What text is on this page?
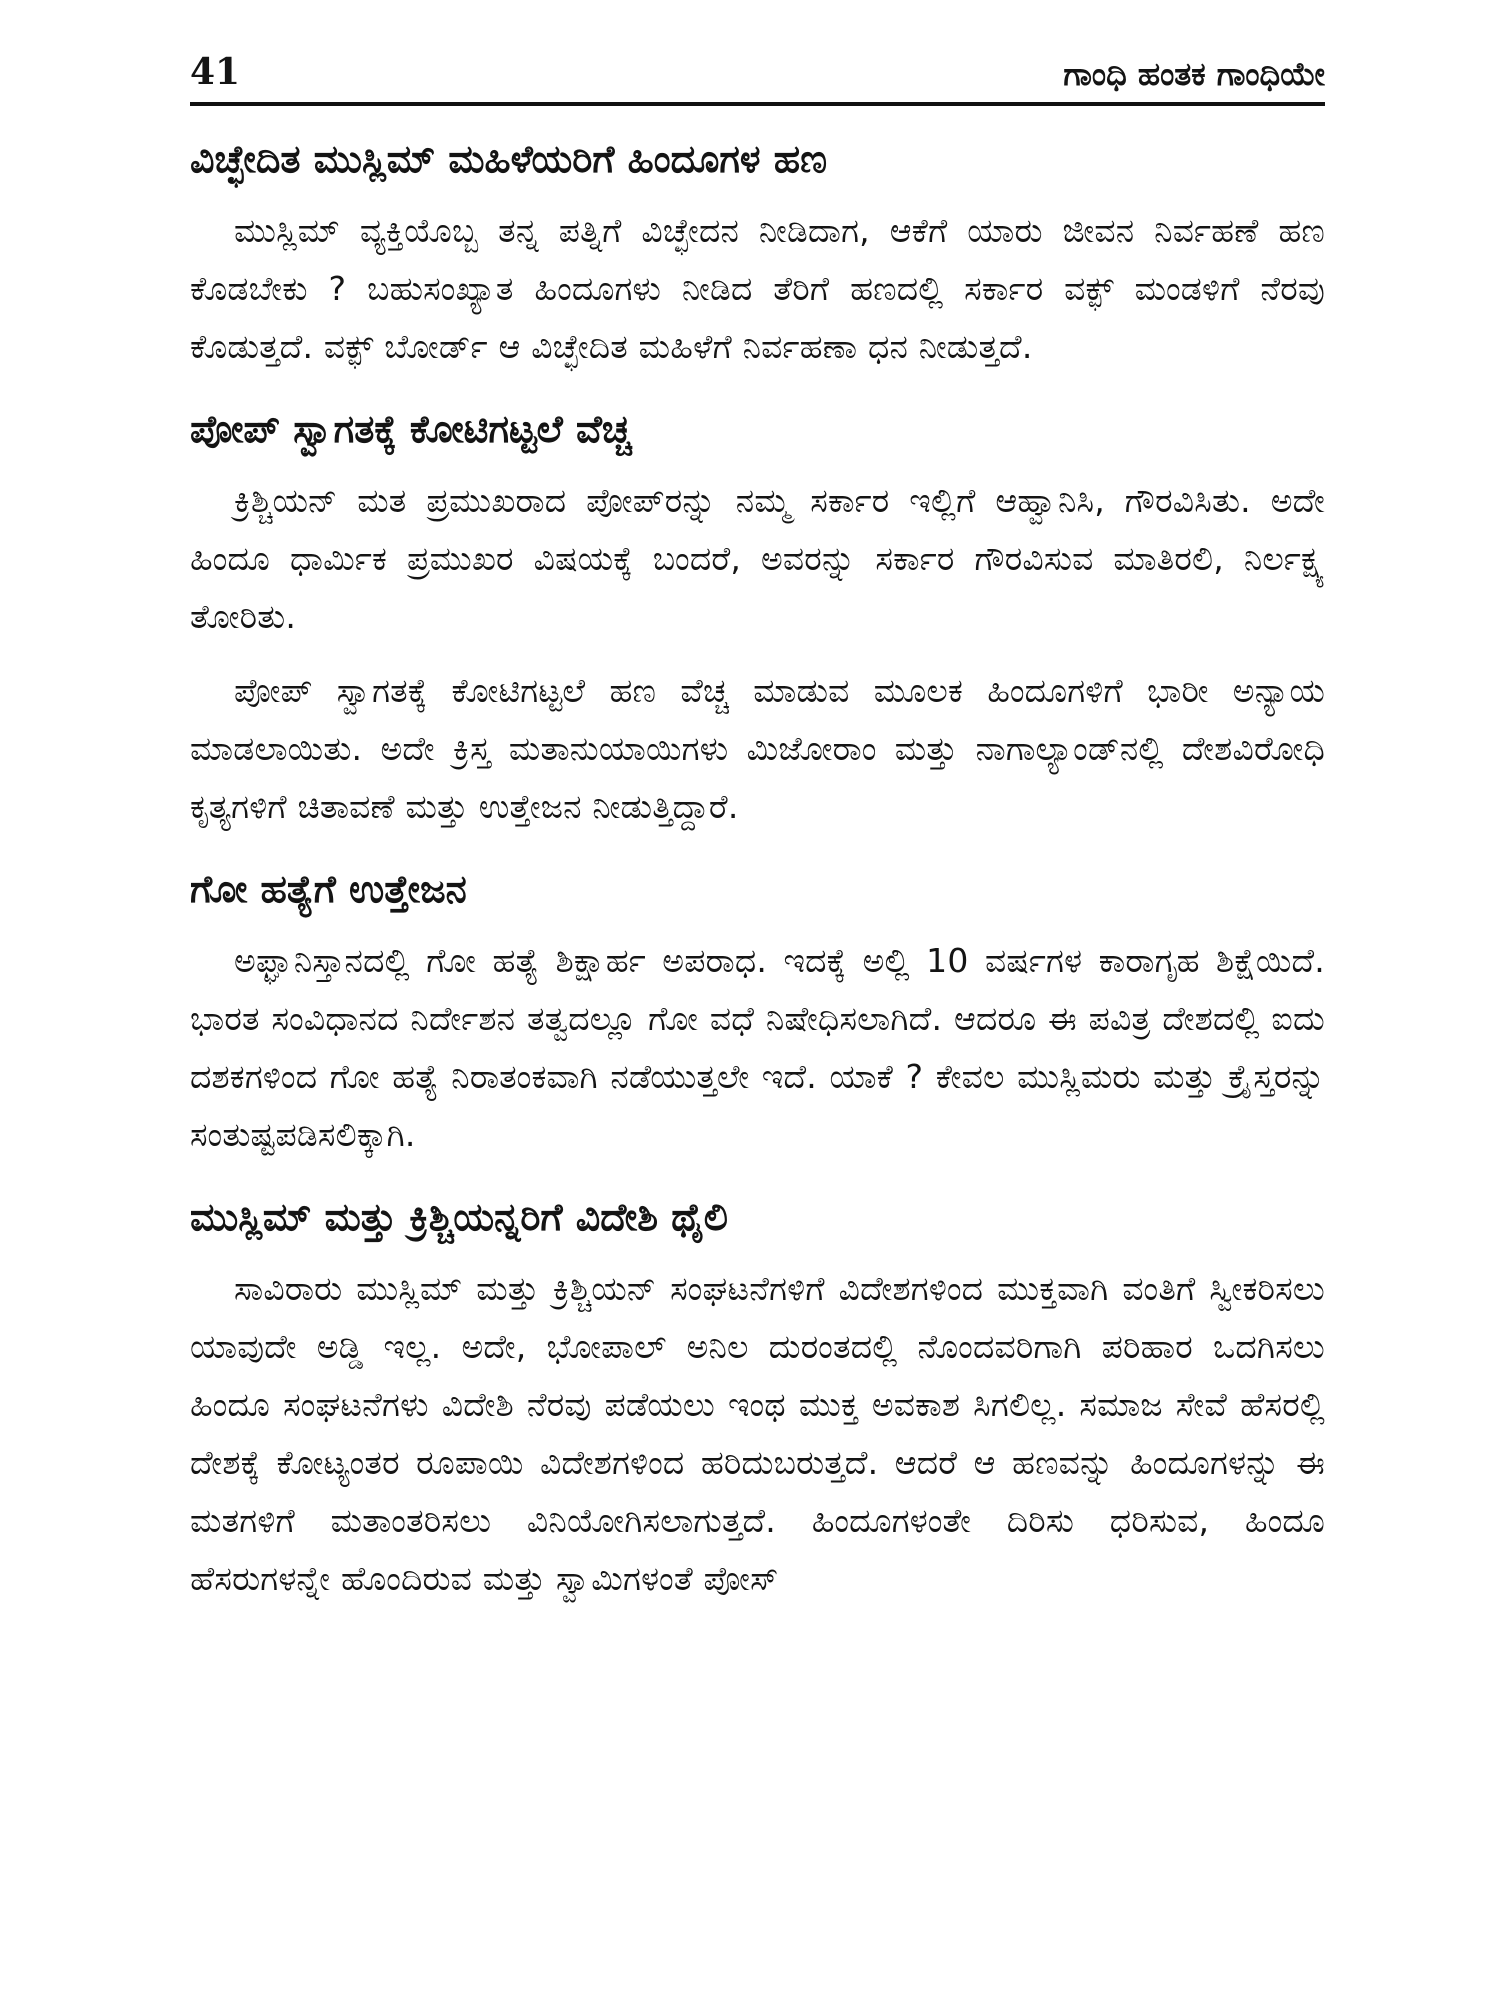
41	ಗಾಂಧಿ ಹಂತಕ ಗಾಂಧಿಯೇ
ವಿಚ್ಛೇದಿತ ಮುಸ್ಲಿಮ್ ಮಹಿಳೆಯರಿಗೆ ಹಿಂದೂಗಳ ಹಣ

ಮುಸ್ಲಿಮ್ ವ್ಯಕ್ತಿಯೊಬ್ಬ ತನ್ನ ಪತ್ನಿಗೆ ವಿಚ್ಛೇದನ ನೀಡಿದಾಗ, ಆಕೆಗೆ ಯಾರು ಜೀವನ ನಿರ್ವಹಣೆ ಹಣ ಕೊಡಬೇಕು ? ಬಹುಸಂಖ್ಯಾತ ಹಿಂದೂಗಳು ನೀಡಿದ ತೆರಿಗೆ ಹಣದಲ್ಲಿ ಸರ್ಕಾರ ವಕ್ಫ್ ಮಂಡಳಿಗೆ ನೆರವು ಕೊಡುತ್ತದೆ. ವಕ್ಫ್ ಬೋರ್ಡ್ ಆ ವಿಚ್ಛೇದಿತ ಮಹಿಳೆಗೆ ನಿರ್ವಹಣಾ ಧನ ನೀಡುತ್ತದೆ.

ಪೋಪ್ ಸ್ವಾಗತಕ್ಕೆ ಕೋಟಿಗಟ್ಟಲೆ ವೆಚ್ಚ

ಕ್ರಿಶ್ಚಿಯನ್ ಮತ ಪ್ರಮುಖರಾದ ಪೋಪ್‌ರನ್ನು ನಮ್ಮ ಸರ್ಕಾರ ಇಲ್ಲಿಗೆ ಆಹ್ವಾನಿಸಿ, ಗೌರವಿಸಿತು. ಅದೇ ಹಿಂದೂ ಧಾರ್ಮಿಕ ಪ್ರಮುಖರ ವಿಷಯಕ್ಕೆ ಬಂದರೆ, ಅವರನ್ನು ಸರ್ಕಾರ ಗೌರವಿಸುವ ಮಾತಿರಲಿ, ನಿರ್ಲಕ್ಷ್ಯ ತೋರಿತು.

ಪೋಪ್ ಸ್ವಾಗತಕ್ಕೆ ಕೋಟಿಗಟ್ಟಲೆ ಹಣ ವೆಚ್ಚ ಮಾಡುವ ಮೂಲಕ ಹಿಂದೂಗಳಿಗೆ ಭಾರೀ ಅನ್ಯಾಯ ಮಾಡಲಾಯಿತು. ಅದೇ ಕ್ರಿಸ್ತ ಮತಾನುಯಾಯಿಗಳು ಮಿಜೋರಾಂ ಮತ್ತು ನಾಗಾಲ್ಯಾಂಡ್‌ನಲ್ಲಿ ದೇಶವಿರೋಧಿ ಕೃತ್ಯಗಳಿಗೆ ಚಿತಾವಣೆ ಮತ್ತು ಉತ್ತೇಜನ ನೀಡುತ್ತಿದ್ದಾರೆ.

ಗೋ ಹತ್ಯೆಗೆ ಉತ್ತೇಜನ

ಅಫ್ಘಾನಿಸ್ತಾನದಲ್ಲಿ ಗೋ ಹತ್ಯೆ ಶಿಕ್ಷಾರ್ಹ ಅಪರಾಧ. ಇದಕ್ಕೆ ಅಲ್ಲಿ 10 ವರ್ಷಗಳ ಕಾರಾಗೃಹ ಶಿಕ್ಷೆಯಿದೆ. ಭಾರತ ಸಂವಿಧಾನದ ನಿರ್ದೇಶನ ತತ್ವದಲ್ಲೂ ಗೋ ವಧೆ ನಿಷೇಧಿಸಲಾಗಿದೆ. ಆದರೂ ಈ ಪವಿತ್ರ ದೇಶದಲ್ಲಿ ಐದು ದಶಕಗಳಿಂದ ಗೋ ಹತ್ಯೆ ನಿರಾತಂಕವಾಗಿ ನಡೆಯುತ್ತಲೇ ಇದೆ. ಯಾಕೆ ? ಕೇವಲ ಮುಸ್ಲಿಮರು ಮತ್ತು ಕ್ರೈಸ್ತರನ್ನು ಸಂತುಷ್ಟಪಡಿಸಲಿಕ್ಕಾಗಿ.

ಮುಸ್ಲಿಮ್ ಮತ್ತು ಕ್ರಿಶ್ಚಿಯನ್ನರಿಗೆ ವಿದೇಶಿ ಥೈಲಿ

ಸಾವಿರಾರು ಮುಸ್ಲಿಮ್ ಮತ್ತು ಕ್ರಿಶ್ಚಿಯನ್ ಸಂಘಟನೆಗಳಿಗೆ ವಿದೇಶಗಳಿಂದ ಮುಕ್ತವಾಗಿ ವಂತಿಗೆ ಸ್ವೀಕರಿಸಲು ಯಾವುದೇ ಅಡ್ಡಿ ಇಲ್ಲ. ಅದೇ, ಭೋಪಾಲ್ ಅನಿಲ ದುರಂತದಲ್ಲಿ ನೊಂದವರಿಗಾಗಿ ಪರಿಹಾರ ಒದಗಿಸಲು ಹಿಂದೂ ಸಂಘಟನೆಗಳು ವಿದೇಶಿ ನೆರವು ಪಡೆಯಲು ಇಂಥ ಮುಕ್ತ ಅವಕಾಶ ಸಿಗಲಿಲ್ಲ. ಸಮಾಜ ಸೇವೆ ಹೆಸರಲ್ಲಿ ದೇಶಕ್ಕೆ ಕೋಟ್ಯಂತರ ರೂಪಾಯಿ ವಿದೇಶಗಳಿಂದ ಹರಿದುಬರುತ್ತದೆ. ಆದರೆ ಆ ಹಣವನ್ನು ಹಿಂದೂಗಳನ್ನು ಈ ಮತಗಳಿಗೆ ಮತಾಂತರಿಸಲು ವಿನಿಯೋಗಿಸಲಾಗುತ್ತದೆ. ಹಿಂದೂಗಳಂತೇ ದಿರಿಸು ಧರಿಸುವ, ಹಿಂದೂ ಹೆಸರುಗಳನ್ನೇ ಹೊಂದಿರುವ ಮತ್ತು ಸ್ವಾಮಿಗಳಂತೆ ಪೋಸ್
